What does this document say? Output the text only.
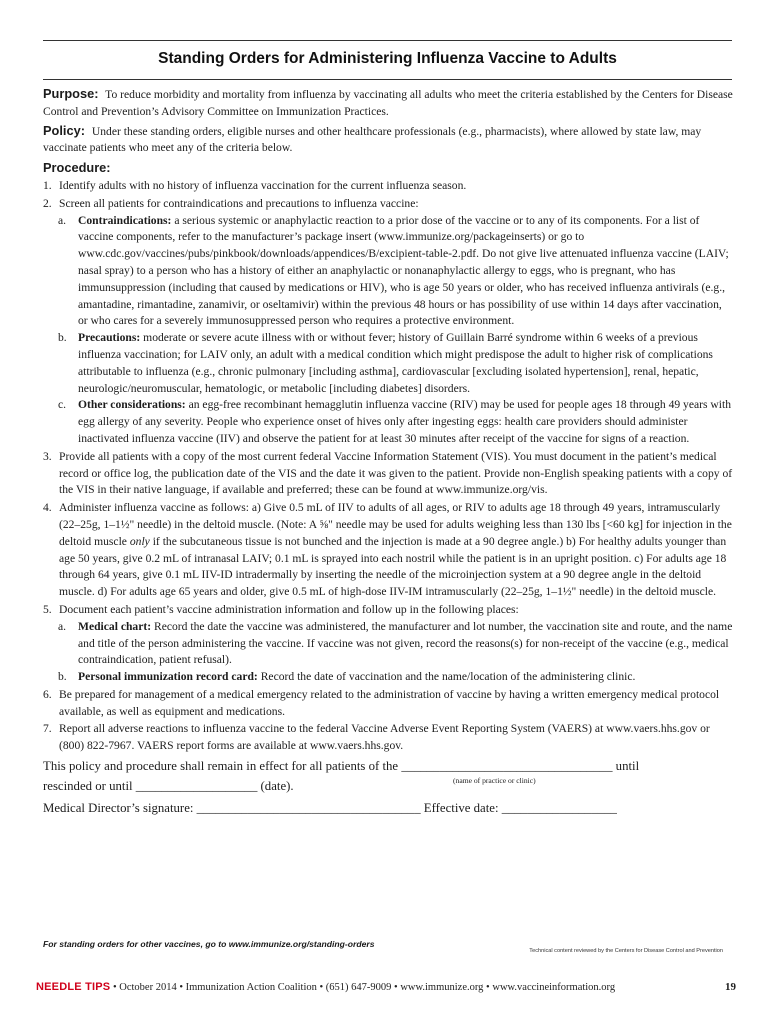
Standing Orders for Administering Influenza Vaccine to Adults

Purpose: To reduce morbidity and mortality from influenza by vaccinating all adults who meet the criteria established by the Centers for Disease Control and Prevention’s Advisory Committee on Immunization Practices.

Policy: Under these standing orders, eligible nurses and other healthcare professionals (e.g., pharmacists), where allowed by state law, may vaccinate patients who meet any of the criteria below.

Procedure:

1. Identify adults with no history of influenza vaccination for the current influenza season.

2. Screen all patients for contraindications and precautions to influenza vaccine:

a. Contraindications: a serious systemic or anaphylactic reaction to a prior dose of the vaccine or to any of its components. For a list of vaccine components, refer to the manufacturer’s package insert (www.immunize.org/packageinserts) or go to www.cdc.gov/vaccines/pubs/pinkbook/downloads/appendices/B/excipient-table-2.pdf. Do not give live attenuated influenza vaccine (LAIV; nasal spray) to a person who has a history of either an anaphylactic or nonanaphylactic allergy to eggs, who is pregnant, who has immunsuppression (including that caused by medications or HIV), who is age 50 years or older, who has received influenza antivirals (e.g., amantadine, rimantadine, zanamivir, or oseltamivir) within the previous 48 hours or has possibility of use within 14 days after vaccination, or who cares for a severely immunosuppressed person who requires a protective environment.

b. Precautions: moderate or severe acute illness with or without fever; history of Guillain Barré syndrome within 6 weeks of a previous influenza vaccination; for LAIV only, an adult with a medical condition which might predispose the adult to higher risk of complications attributable to influenza (e.g., chronic pulmonary [including asthma], cardiovascular [excluding isolated hypertension], renal, hepatic, neurologic/neuromuscular, hematologic, or metabolic [including diabetes] disorders.

c. Other considerations: an egg-free recombinant hemagglutin influenza vaccine (RIV) may be used for people ages 18 through 49 years with egg allergy of any severity. People who experience onset of hives only after ingesting eggs: health care providers should administer inactivated influenza vaccine (IIV) and observe the patient for at least 30 minutes after receipt of the vaccine for signs of a reaction.

3. Provide all patients with a copy of the most current federal Vaccine Information Statement (VIS). You must document in the patient’s medical record or office log, the publication date of the VIS and the date it was given to the patient. Provide non-English speaking patients with a copy of the VIS in their native language, if available and preferred; these can be found at www.immunize.org/vis.

4. Administer influenza vaccine as follows: a) Give 0.5 mL of IIV to adults of all ages, or RIV to adults age 18 through 49 years, intramuscularly (22–25g, 1–1½" needle) in the deltoid muscle. (Note: A ⅝" needle may be used for adults weighing less than 130 lbs [<60 kg] for injection in the deltoid muscle only if the subcutaneous tissue is not bunched and the injection is made at a 90 degree angle.) b) For healthy adults younger than age 50 years, give 0.2 mL of intranasal LAIV; 0.1 mL is sprayed into each nostril while the patient is in an upright position. c) For adults age 18 through 64 years, give 0.1 mL IIV-ID intradermally by inserting the needle of the microinjection system at a 90 degree angle in the deltoid muscle. d) For adults age 65 years and older, give 0.5 mL of high-dose IIV-IM intramuscularly (22–25g, 1–1½" needle) in the deltoid muscle.

5. Document each patient’s vaccine administration information and follow up in the following places:

a. Medical chart: Record the date the vaccine was administered, the manufacturer and lot number, the vaccination site and route, and the name and title of the person administering the vaccine. If vaccine was not given, record the reasons(s) for non-receipt of the vaccine (e.g., medical contraindication, patient refusal).

b. Personal immunization record card: Record the date of vaccination and the name/location of the administering clinic.

6. Be prepared for management of a medical emergency related to the administration of vaccine by having a written emergency medical protocol available, as well as equipment and medications.

7. Report all adverse reactions to influenza vaccine to the federal Vaccine Adverse Event Reporting System (VAERS) at www.vaers.hhs.gov or (800) 822-7967. VAERS report forms are available at www.vaers.hhs.gov.

This policy and procedure shall remain in effect for all patients of the _________________________________ until

rescinded or until ___________________ (date).	(name of practice or clinic)

Medical Director’s signature: ___________________________________ Effective date: __________________

For standing orders for other vaccines, go to www.immunize.org/standing-orders
Technical content reviewed by the Centers for Disease Control and Prevention
NEEDLE TIPS • October 2014 • Immunization Action Coalition • (651) 647-9009 • www.immunize.org • www.vaccineinformation.org	19
